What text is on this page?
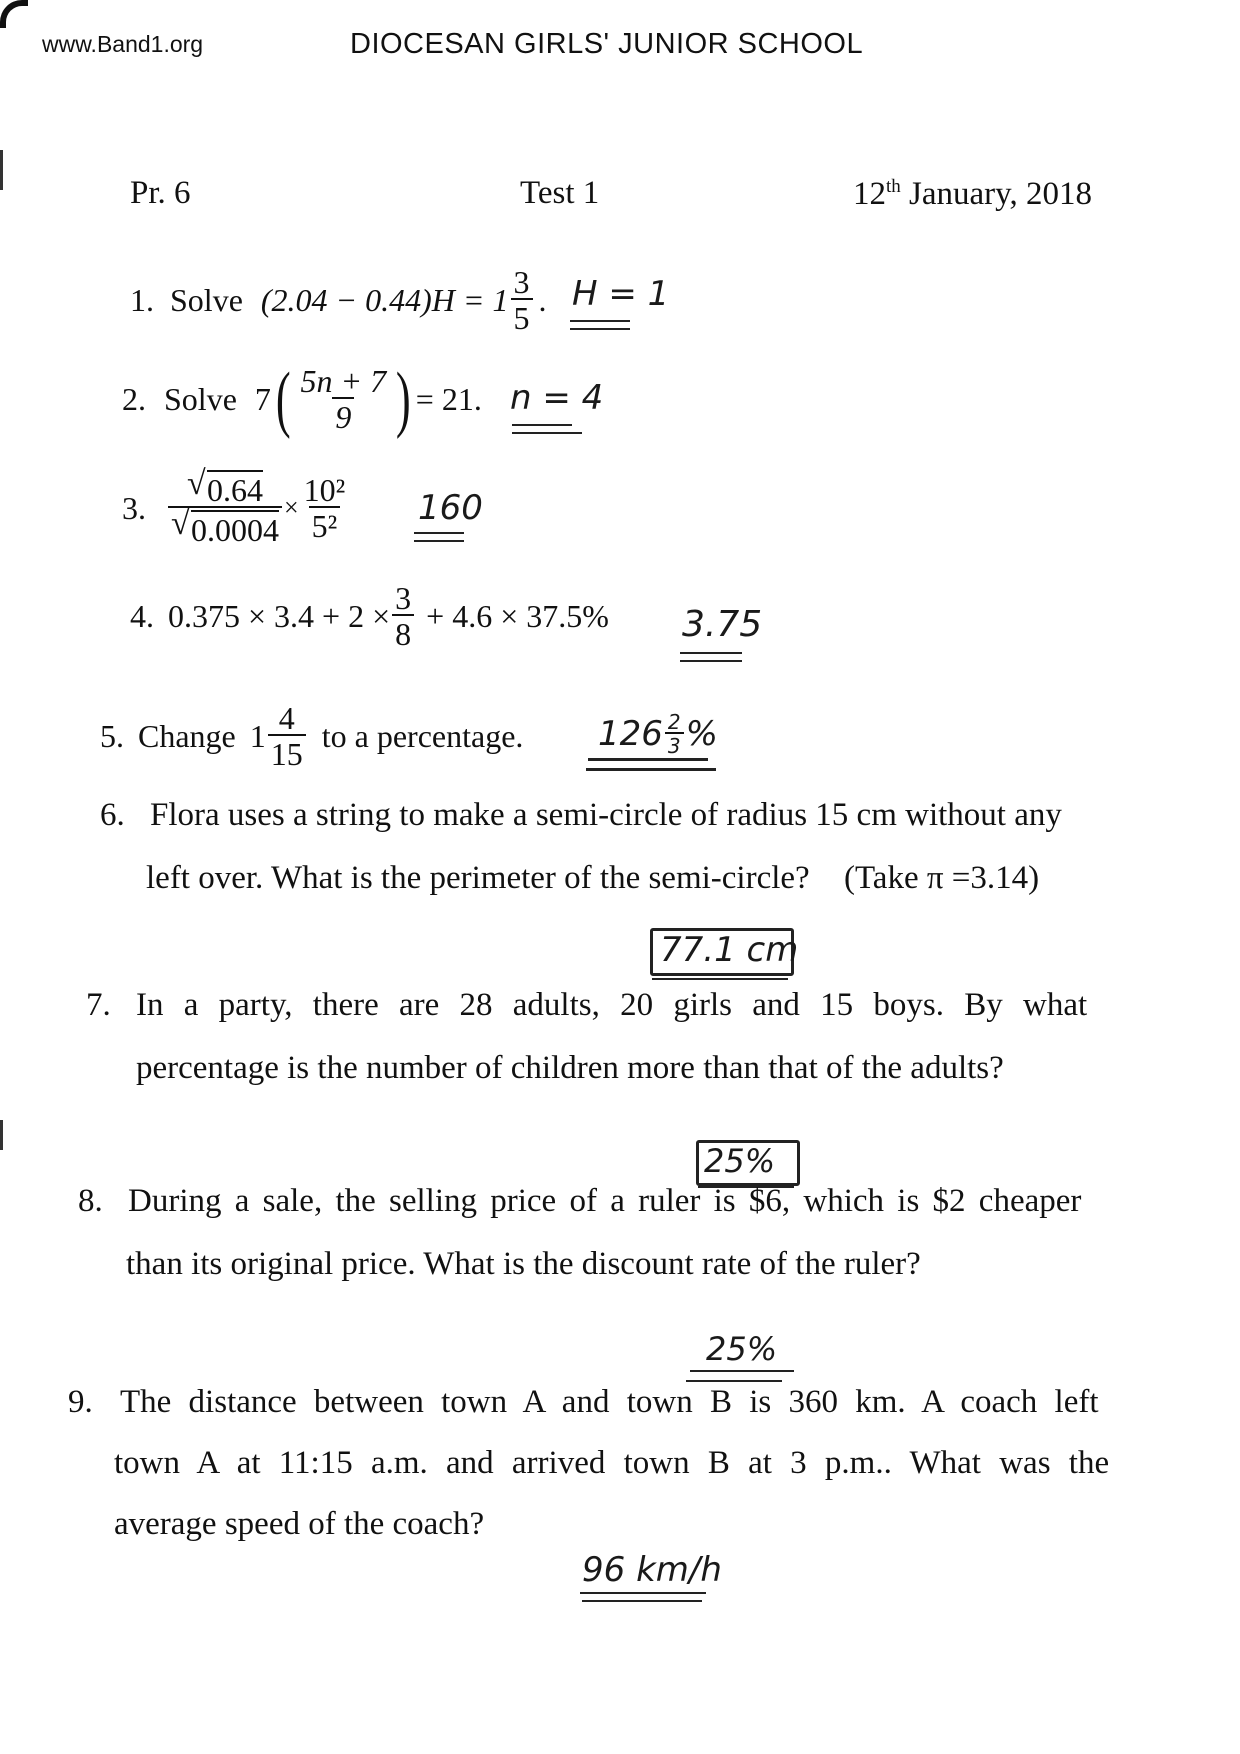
www.Band1.org	DIOCESAN GIRLS' JUNIOR SCHOOL
Pr. 6	Test 1	12th January, 2018
1. Solve $(2.04 - 0.44)H = 1 \frac{3}{5}$ . H = 1
2. Solve 7 ( $\frac{5n + 7}{9}$ ) = 21. n = 4
3.
√ 0.64
√ $0.0004 \times \frac{\text{10²}}{\text{5²}} 160$
4. $0.375 \times 3.4 + 2 \times \frac{3}{8} + 4.6 \times 37.5\%$ 3.75
5. Change $1 \frac{4}{15}$ to a percentage. $126 \frac{2}{3}$ %
6. Flora uses a string to make a semi-circle of radius 15 cm without any
left over. What is the perimeter of the semi-circle? (Take π =3.14)
77.1 cm
7. In a party, there are 28 adults, 20 girls and 15 boys. By what
percentage is the number of children more than that of the adults?
25%
8. During a sale, the selling price of a ruler is $6, which is $2 cheaper
than its original price. What is the discount rate of the ruler?
25%
9. The distance between town A and town B is 360 km. A coach left
town A at 11:15 a.m. and arrived town B at 3 p.m.. What was the
average speed of the coach?
96 km/h
